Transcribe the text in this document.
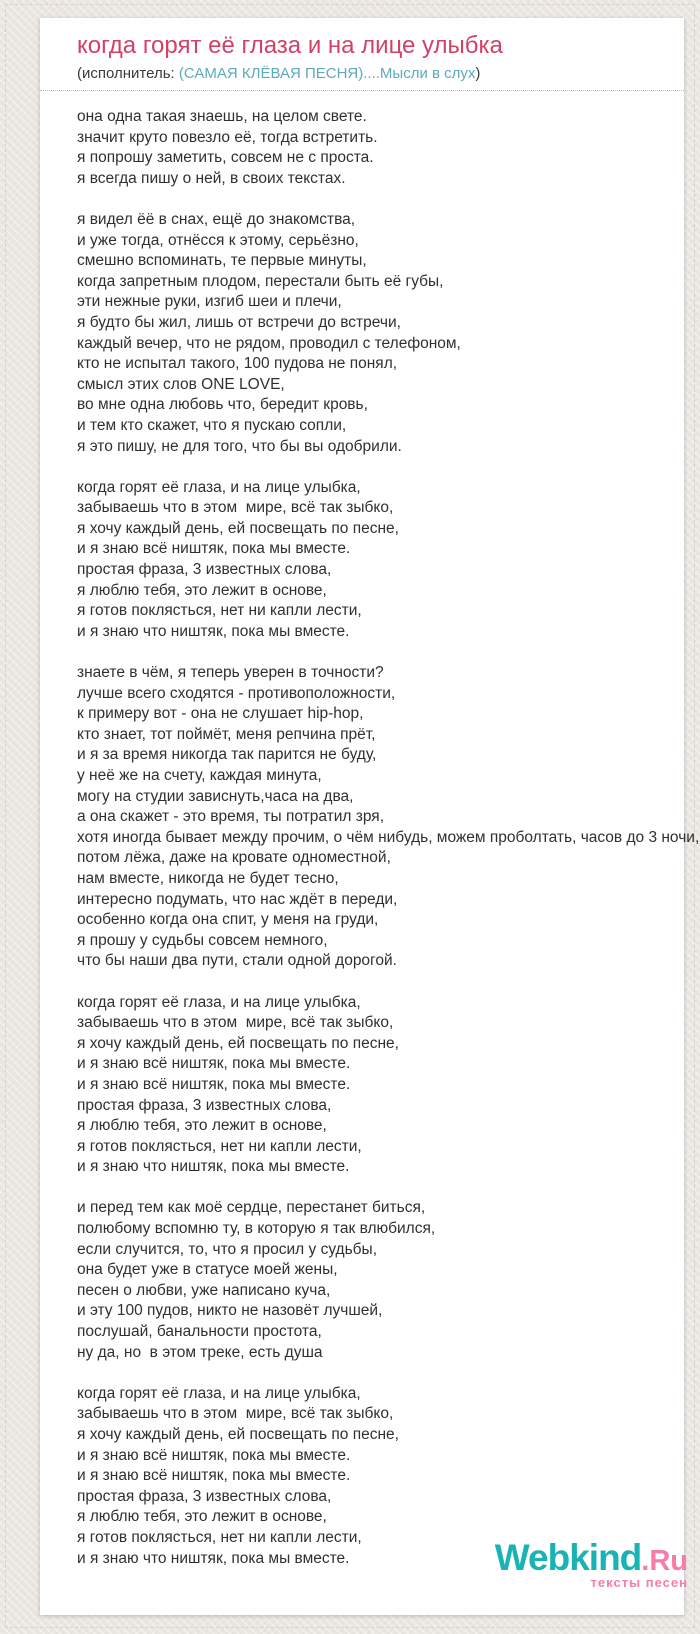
когда горят её глаза и на лице улыбка
(исполнитель: (САМАЯ КЛЁВАЯ ПЕСНЯ)....Мысли в слух)
она одна такая знаешь, на целом свете.
значит круто повезло её, тогда встретить.
я попрошу заметить, совсем не с проста.
я всегда пишу о ней, в своих текстах.
я видел ёё в снах, ещё до знакомства,
и уже тогда, отнёсся к этому, серьёзно,
смешно вспоминать, те первые минуты,
когда запретным плодом, перестали быть её губы,
эти нежные руки, изгиб шеи и плечи,
я будто бы жил, лишь от встречи до встречи,
каждый вечер, что не рядом, проводил с телефоном,
кто не испытал такого, 100 пудова не понял,
смысл этих слов ONE LOVE,
во мне одна любовь что, бередит кровь,
и тем кто скажет, что я пускаю сопли,
я это пишу, не для того, что бы вы одобрили.
когда горят её глаза, и на лице улыбка,
забываешь что в этом  мире, всё так зыбко,
я хочу каждый день, ей посвещать по песне,
и я знаю всё ништяк, пока мы вместе.
простая фраза, 3 известных слова,
я люблю тебя, это лежит в основе,
я готов поклясться, нет ни капли лести,
и я знаю что ништяк, пока мы вместе.
знаете в чём, я теперь уверен в точности?
лучше всего сходятся - противоположности,
к примеру вот - она не слушает hip-hop,
кто знает, тот поймёт, меня репчина прёт,
и я за время никогда так парится не буду,
у неё же на счету, каждая минута,
могу на студии зависнуть,часа на два,
а она скажет - это время, ты потратил зря,
хотя иногда бывает между прочим, о чём нибудь, можем проболтать, часов до 3 ночи,
потом лёжа, даже на кровате одноместной,
нам вместе, никогда не будет тесно,
интересно подумать, что нас ждёт в переди,
особенно когда она спит, у меня на груди,
я прошу у судьбы совсем немного,
что бы наши два пути, стали одной дорогой.
когда горят её глаза, и на лице улыбка,
забываешь что в этом  мире, всё так зыбко,
я хочу каждый день, ей посвещать по песне,
и я знаю всё ништяк, пока мы вместе.
и я знаю всё ништяк, пока мы вместе.
простая фраза, 3 известных слова,
я люблю тебя, это лежит в основе,
я готов поклясться, нет ни капли лести,
и я знаю что ништяк, пока мы вместе.
и перед тем как моё сердце, перестанет биться,
полюбому вспомню ту, в которую я так влюбился,
если случится, то, что я просил у судьбы,
она будет уже в статусе моей жены,
песен о любви, уже написано куча,
и эту 100 пудов, никто не назовёт лучшей,
послушай, банальности простота,
ну да, но  в этом треке, есть душа
когда горят её глаза, и на лице улыбка,
забываешь что в этом  мире, всё так зыбко,
я хочу каждый день, ей посвещать по песне,
и я знаю всё ништяк, пока мы вместе.
и я знаю всё ништяк, пока мы вместе.
простая фраза, 3 известных слова,
я люблю тебя, это лежит в основе,
я готов поклясться, нет ни капли лести,
и я знаю что ништяк, пока мы вместе.	Webkind.Ru
тексты песен
